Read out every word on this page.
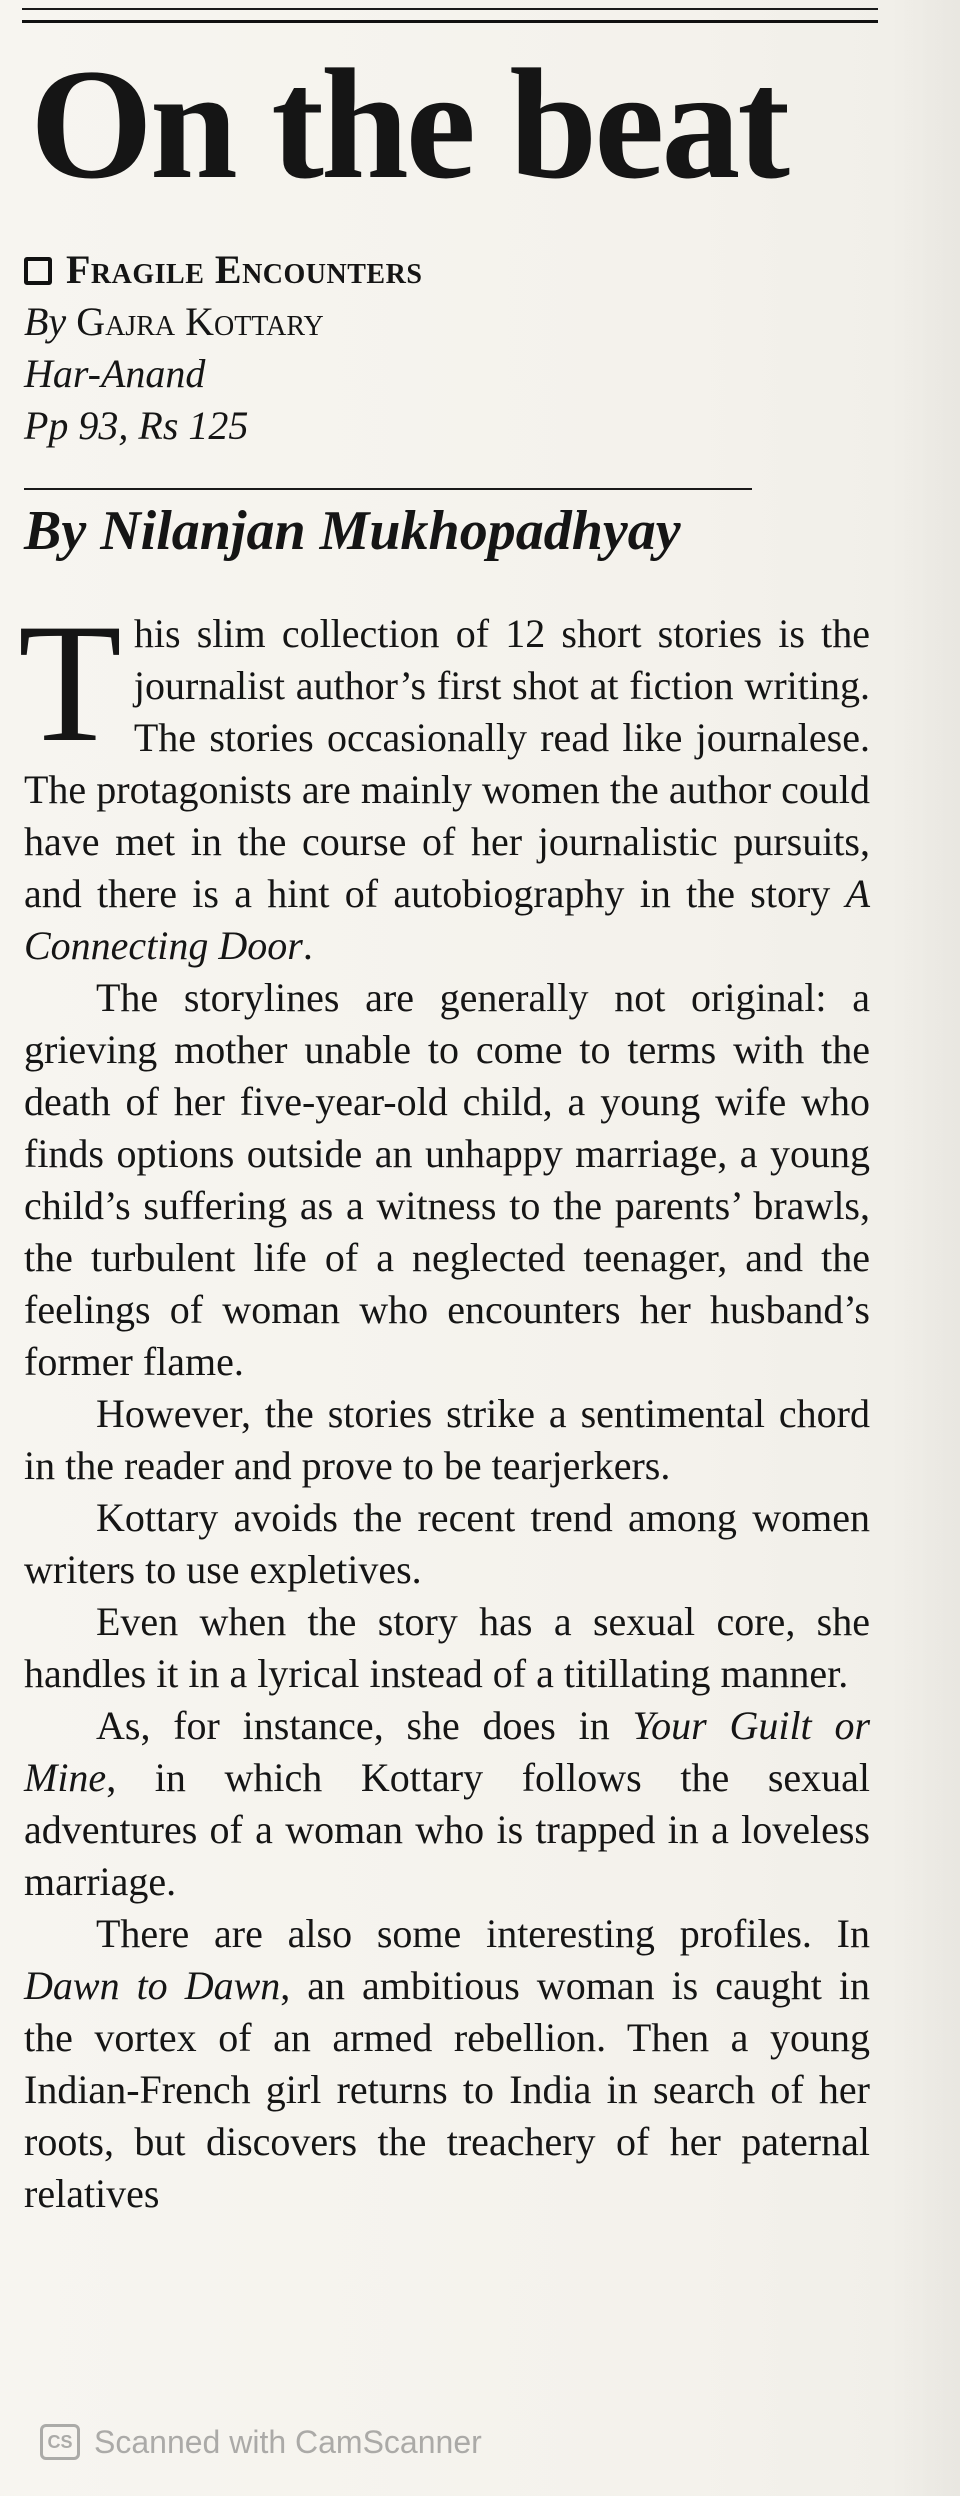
On the beat
Fragile Encounters
By Gajra Kottary
Har-Anand
Pp 93, Rs 125
By Nilanjan Mukhopadhyay

This slim collection of 12 short stories is the journalist author’s first shot at fiction writing. The stories occasionally read like journalese. The protagonists are mainly women the author could have met in the course of her journalistic pursuits, and there is a hint of autobiography in the story A Connecting Door.

The storylines are generally not original: a grieving mother unable to come to terms with the death of her five-year-old child, a young wife who finds options outside an unhappy marriage, a young child’s suffering as a witness to the parents’ brawls, the turbulent life of a neglected teenager, and the feelings of woman who encounters her husband’s former flame.

However, the stories strike a sentimental chord in the reader and prove to be tearjerkers.

Kottary avoids the recent trend among women writers to use expletives.

Even when the story has a sexual core, she handles it in a lyrical instead of a titillating manner.

As, for instance, she does in Your Guilt or Mine, in which Kottary follows the sexual adventures of a woman who is trapped in a loveless marriage.

There are also some interesting profiles. In Dawn to Dawn, an ambitious woman is caught in the vortex of an armed rebellion. Then a young Indian-French girl returns to India in search of her roots, but discovers the treachery of her paternal relatives

CS Scanned with CamScanner
